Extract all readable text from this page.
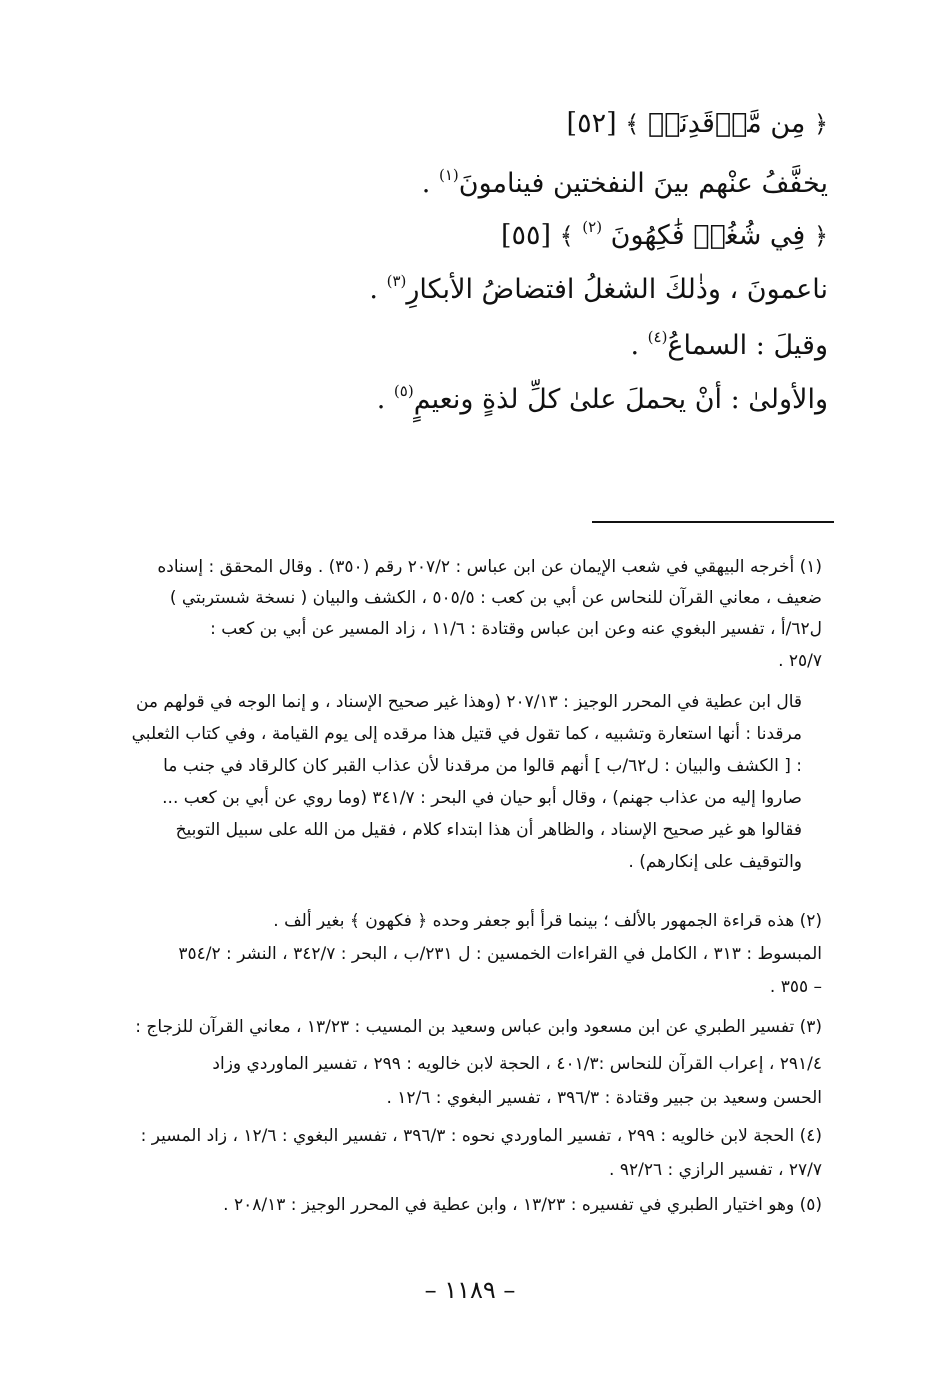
﴿ مِن مَّرۡقَدِنَاۜ ﴾ [٥٢]
يخفَّفُ عنْهم بينَ النفختين فينامونَ$^{(١)}$ .
﴿ فِي شُغُلٖ فَٰكِهُونَ $^{(٢)}$ ﴾ [٥٥]
ناعمونَ ، وذٰلكَ الشغلُ افتضاضُ الأبكارِ$^{(٣)}$ .
وقيلَ : السماعُ$^{(٤)}$ .
والأولىٰ : أنْ يحملَ علىٰ كلِّ لذةٍ ونعيمٍ$^{(٥)}$ .
(١) أخرجه البيهقي في شعب الإيمان عن ابن عباس : ٢٠٧/٢ رقم (٣٥٠) . وقال المحقق : إسناده
ضعيف ، معاني القرآن للنحاس عن أبي بن كعب : ٥٠٥/٥ ، الكشف والبيان ( نسخة شستربتي )
ل٦٢/أ ، تفسير البغوي عنه وعن ابن عباس وقتادة : ١١/٦ ، زاد المسير عن أبي بن كعب :
٢٥/٧ .
قال ابن عطية في المحرر الوجيز : ٢٠٧/١٣ (وهذا غير صحيح الإسناد ، و إنما الوجه في قولهم من
مرقدنا : أنها استعارة وتشبيه ، كما تقول في قتيل هذا مرقده إلى يوم القيامة ، وفي كتاب الثعلبي
: [ الكشف والبيان : ل٦٢/ب ] أنهم قالوا من مرقدنا لأن عذاب القبر كان كالرقاد في جنب ما
صاروا إليه من عذاب جهنم) ، وقال أبو حيان في البحر : ٣٤١/٧ (وما روي عن أبي بن كعب ...
فقالوا هو غير صحيح الإسناد ، والظاهر أن هذا ابتداء كلام ، فقيل من الله على سبيل التوبيخ
والتوقيف على إنكارهم) .
(٢) هذه قراءة الجمهور بالألف ؛ بينما قرأ أبو جعفر وحده ﴿ فكهون ﴾ بغير ألف .
المبسوط : ٣١٣ ، الكامل في القراءات الخمسين : ل ٢٣١/ب ، البحر : ٣٤٢/٧ ، النشر : ٣٥٤/٢
– ٣٥٥ .
(٣) تفسير الطبري عن ابن مسعود وابن عباس وسعيد بن المسيب : ١٣/٢٣ ، معاني القرآن للزجاج :
٢٩١/٤ ، إعراب القرآن للنحاس :٤٠١/٣ ، الحجة لابن خالويه : ٢٩٩ ، تفسير الماوردي وزاد
الحسن وسعيد بن جبير وقتادة : ٣٩٦/٣ ، تفسير البغوي : ١٢/٦ .
(٤) الحجة لابن خالويه : ٢٩٩ ، تفسير الماوردي نحوه : ٣٩٦/٣ ، تفسير البغوي : ١٢/٦ ، زاد المسير :
٢٧/٧ ، تفسير الرازي : ٩٢/٢٦ .
(٥) وهو اختيار الطبري في تفسيره : ١٣/٢٣ ، وابن عطية في المحرر الوجيز : ٢٠٨/١٣ .
– ١١٨٩ –
